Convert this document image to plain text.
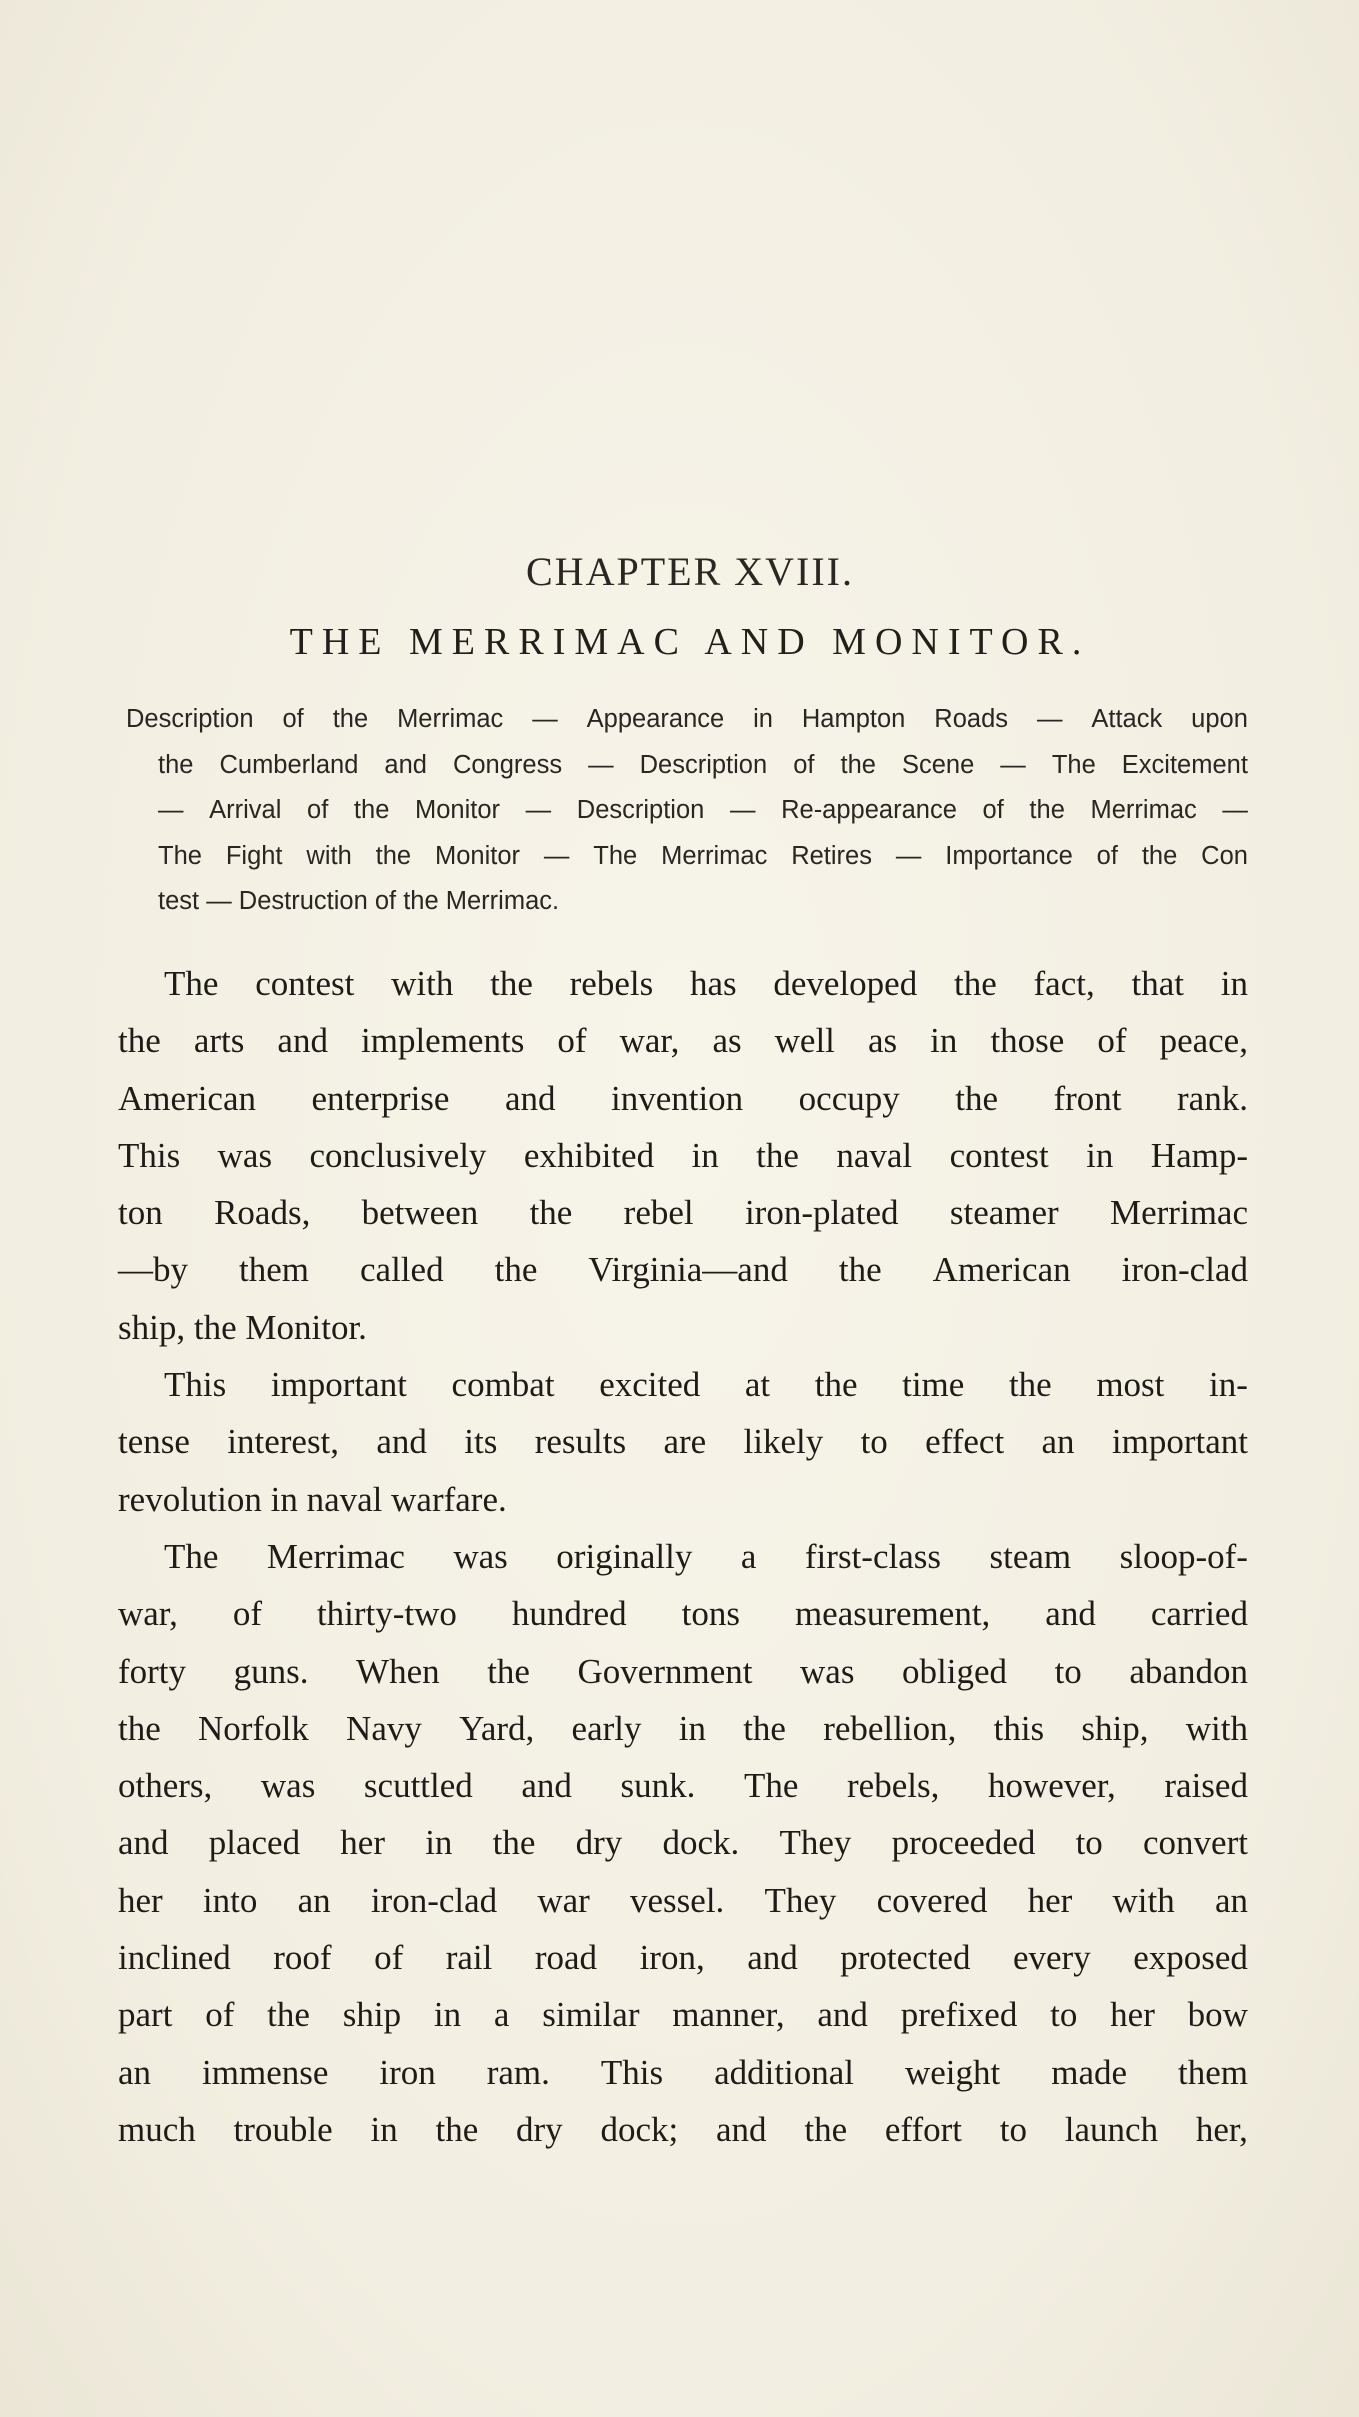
CHAPTER XVIII.
THE MERRIMAC AND MONITOR.
Description of the Merrimac — Appearance in Hampton Roads — Attack upon
the Cumberland and Congress — Description of the Scene — The Excitement
— Arrival of the Monitor — Description — Re-appearance of the Merrimac —
The Fight with the Monitor — The Merrimac Retires — Importance of the Con
test — Destruction of the Merrimac.
The contest with the rebels has developed the fact, that in
the arts and implements of war, as well as in those of peace,
American enterprise and invention occupy the front rank.
This was conclusively exhibited in the naval contest in Hamp-
ton Roads, between the rebel iron-plated steamer Merrimac
—by them called the Virginia—and the American iron-clad
ship, the Monitor.
This important combat excited at the time the most in-
tense interest, and its results are likely to effect an important
revolution in naval warfare.
The Merrimac was originally a first-class steam sloop-of-
war, of thirty-two hundred tons measurement, and carried
forty guns. When the Government was obliged to abandon
the Norfolk Navy Yard, early in the rebellion, this ship, with
others, was scuttled and sunk. The rebels, however, raised
and placed her in the dry dock. They proceeded to convert
her into an iron-clad war vessel. They covered her with an
inclined roof of rail road iron, and protected every exposed
part of the ship in a similar manner, and prefixed to her bow
an immense iron ram. This additional weight made them
much trouble in the dry dock; and the effort to launch her,
